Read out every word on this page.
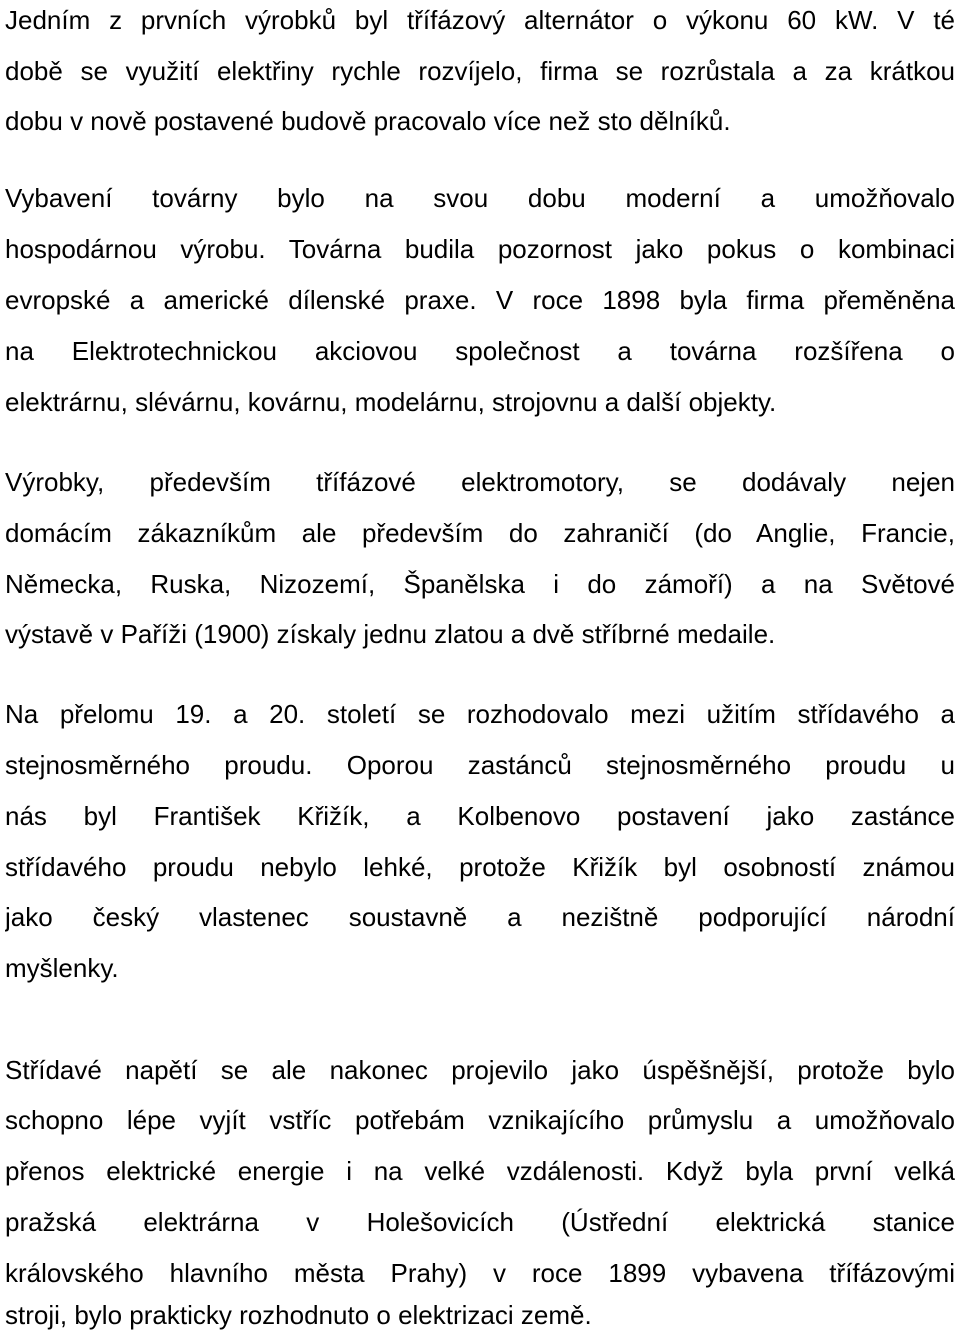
Jedním z prvních výrobků byl třífázový alternátor o výkonu 60 kW. V té
době se využití elektřiny rychle rozvíjelo, firma se rozrůstala a za krátkou
dobu v nově postavené budově pracovalo více než sto dělníků.
Vybavení továrny bylo na svou dobu moderní a umožňovalo
hospodárnou výrobu. Továrna budila pozornost jako pokus o kombinaci
evropské a americké dílenské praxe. V roce 1898 byla firma přeměněna
na Elektrotechnickou akciovou společnost a továrna rozšířena o
elektrárnu, slévárnu, kovárnu, modelárnu, strojovnu a další objekty.
Výrobky, především třífázové elektromotory, se dodávaly nejen
domácím zákazníkům ale především do zahraničí (do Anglie, Francie,
Německa, Ruska, Nizozemí, Španělska i do zámoří) a na Světové
výstavě v Paříži (1900) získaly jednu zlatou a dvě stříbrné medaile.
Na přelomu 19. a 20. století se rozhodovalo mezi užitím střídavého a
stejnosměrného proudu. Oporou zastánců stejnosměrného proudu u
nás byl František Křižík, a Kolbenovo postavení jako zastánce
střídavého proudu nebylo lehké, protože Křižík byl osobností známou
jako český vlastenec soustavně a nezištně podporující národní
myšlenky.
Střídavé napětí se ale nakonec projevilo jako úspěšnější, protože bylo
schopno lépe vyjít vstříc potřebám vznikajícího průmyslu a umožňovalo
přenos elektrické energie i na velké vzdálenosti. Když byla první velká
pražská elektrárna v Holešovicích (Ústřední elektrická stanice
královského hlavního města Prahy) v roce 1899 vybavena třífázovými
stroji, bylo prakticky rozhodnuto o elektrizaci země.
